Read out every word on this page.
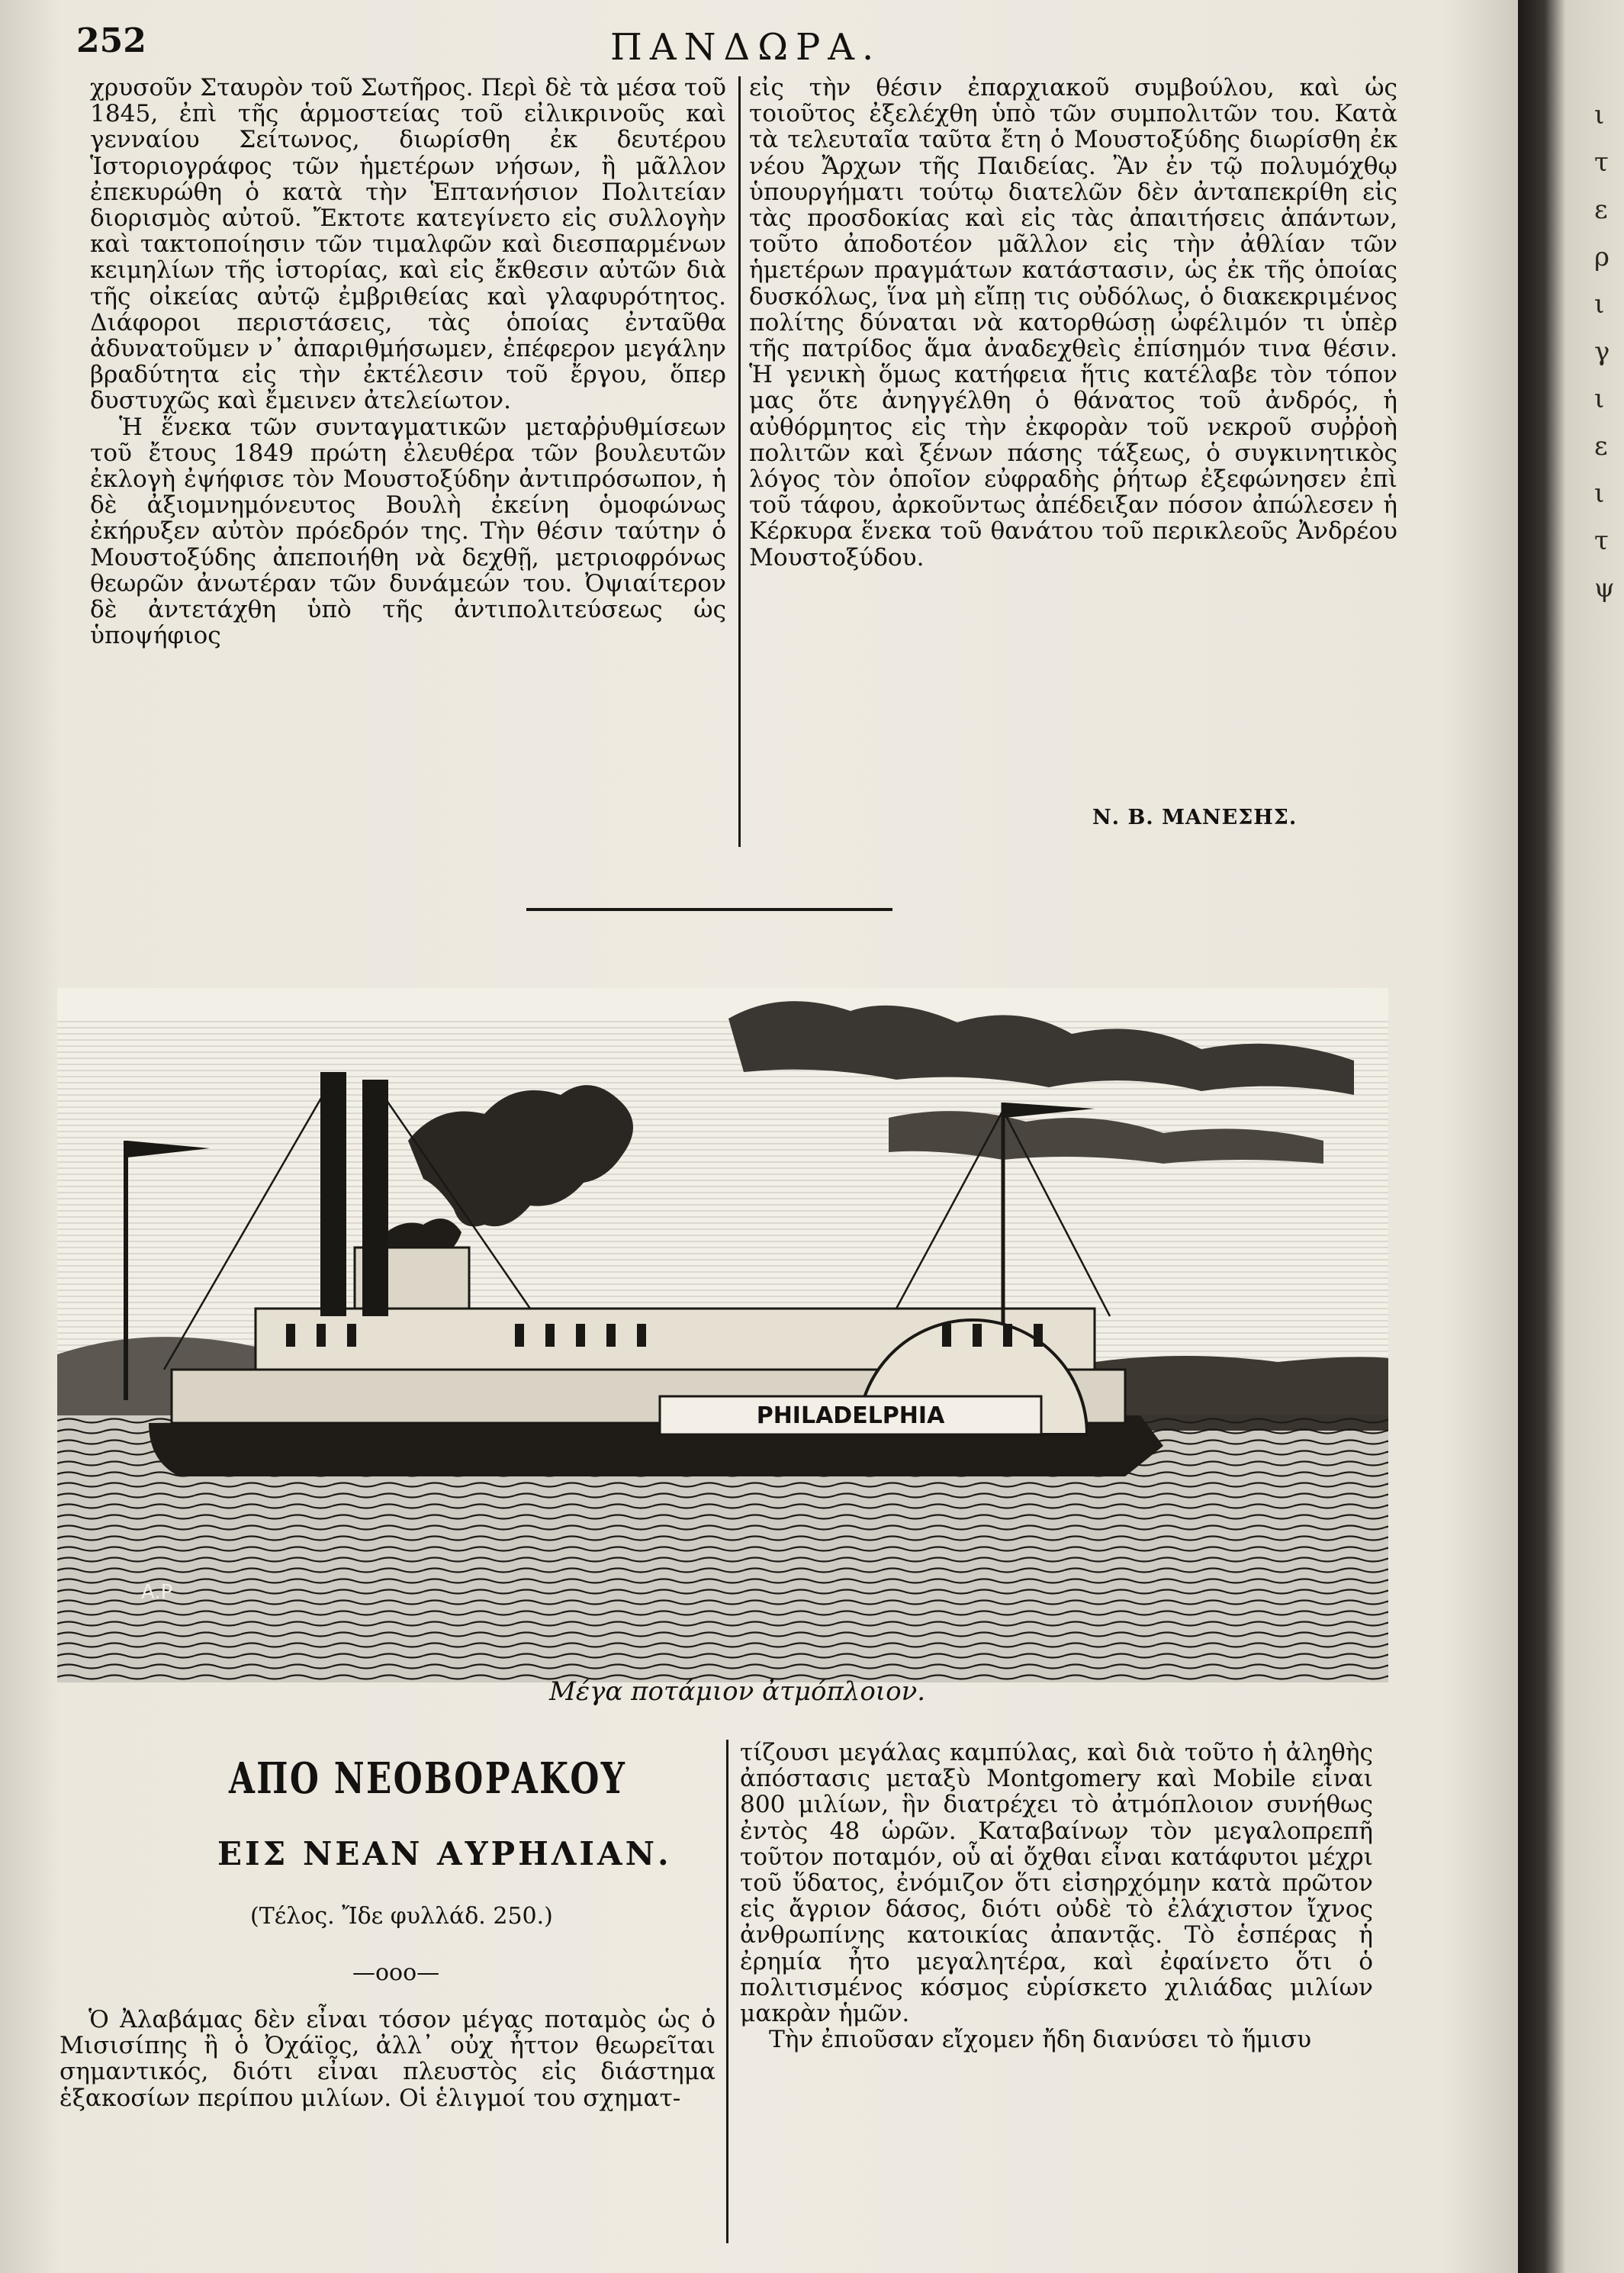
252	ΠΑΝΔΩΡΑ.

χρυσοῦν Σταυρὸν τοῦ Σωτῆρος. Περὶ δὲ τὰ μέσα τοῦ 1845, ἐπὶ τῆς ἁρμοστείας τοῦ εἰλικρινοῦς καὶ γενναίου Σείτωνος, διωρίσθη ἐκ δευτέρου Ἱστοριογράφος τῶν ἡμετέρων νήσων, ἢ μᾶλλον ἐπεκυρώθη ὁ κατὰ τὴν Ἑπτανήσιον Πολιτείαν διορισμὸς αὐτοῦ. Ἔκτοτε κατεγίνετο εἰς συλλογὴν καὶ τακτοποίησιν τῶν τιμαλφῶν καὶ διεσπαρμένων κειμηλίων τῆς ἱστορίας, καὶ εἰς ἔκθεσιν αὐτῶν διὰ τῆς οἰκείας αὐτῷ ἐμβριθείας καὶ γλαφυρότητος. Διάφοροι περιστάσεις, τὰς ὁποίας ἐνταῦθα ἀδυνατοῦμεν ν᾿ ἀπαριθμήσωμεν, ἐπέφερον μεγάλην βραδύτητα εἰς τὴν ἐκτέλεσιν τοῦ ἔργου, ὅπερ δυστυχῶς καὶ ἔμεινεν ἀτελείωτον.

Ἡ ἕνεκα τῶν συνταγματικῶν μεταῤῥυθμίσεων τοῦ ἔτους 1849 πρώτη ἐλευθέρα τῶν βουλευτῶν ἐκλογὴ ἐψήφισε τὸν Μουστοξύδην ἀντιπρόσωπον, ἡ δὲ ἀξιομνημόνευτος Βουλὴ ἐκείνη ὁμοφώνως ἐκήρυξεν αὐτὸν πρόεδρόν της. Τὴν θέσιν ταύτην ὁ Μουστοξύδης ἀπεποιήθη νὰ δεχθῇ, μετριοφρόνως θεωρῶν ἀνωτέραν τῶν δυνάμεών του. Ὀψιαίτερον δὲ ἀντετάχθη ὑπὸ τῆς ἀντιπολιτεύσεως ὡς ὑποψήφιος

εἰς τὴν θέσιν ἐπαρχιακοῦ συμβούλου, καὶ ὡς τοιοῦτος ἐξελέχθη ὑπὸ τῶν συμπολιτῶν του. Κατὰ τὰ τελευταῖα ταῦτα ἔτη ὁ Μουστοξύδης διωρίσθη ἐκ νέου Ἄρχων τῆς Παιδείας. Ἂν ἐν τῷ πολυμόχθῳ ὑπουργήματι τούτῳ διατελῶν δὲν ἀνταπεκρίθη εἰς τὰς προσδοκίας καὶ εἰς τὰς ἀπαιτήσεις ἁπάντων, τοῦτο ἀποδοτέον μᾶλλον εἰς τὴν ἀθλίαν τῶν ἡμετέρων πραγμάτων κατάστασιν, ὡς ἐκ τῆς ὁποίας δυσκόλως, ἵνα μὴ εἴπῃ τις οὐδόλως, ὁ διακεκριμένος πολίτης δύναται νὰ κατορθώσῃ ὠφέλιμόν τι ὑπὲρ τῆς πατρίδος ἅμα ἀναδεχθεὶς ἐπίσημόν τινα θέσιν. Ἡ γενικὴ ὅμως κατήφεια ἥτις κατέλαβε τὸν τόπον μας ὅτε ἀνηγγέλθη ὁ θάνατος τοῦ ἀνδρός, ἡ αὐθόρμητος εἰς τὴν ἐκφορὰν τοῦ νεκροῦ συῤῥοὴ πολιτῶν καὶ ξένων πάσης τάξεως, ὁ συγκινητικὸς λόγος τὸν ὁποῖον εὐφραδὴς ῥήτωρ ἐξεφώνησεν ἐπὶ τοῦ τάφου, ἀρκοῦντως ἀπέδειξαν πόσον ἀπώλεσεν ἡ Κέρκυρα ἕνεκα τοῦ θανάτου τοῦ περικλεοῦς Ἀνδρέου Μουστοξύδου.

Ν. Β. ΜΑΝΕΣΗΣ.
PHILADELPHIA
A.P
Μέγα ποτάμιον ἀτμόπλοιον.
ΑΠΟ ΝΕΟΒΟΡΑΚΟΥ
ΕΙΣ ΝΕΑΝ ΑΥΡΗΛΙΑΝ.
(Τέλος. Ἴδε φυλλάδ. 250.)
—οοο—

Ὁ Ἀλαβάμας δὲν εἶναι τόσον μέγας ποταμὸς ὡς ὁ Μισισίπης ἢ ὁ Ὀχάϊος, ἀλλ᾿ οὐχ ἧττον θεωρεῖται σημαντικός, διότι εἶναι πλευστὸς εἰς διάστημα ἑξακοσίων περίπου μιλίων. Οἱ ἑλιγμοί του σχηματ-

τίζουσι μεγάλας καμπύλας, καὶ διὰ τοῦτο ἡ ἀληθὴς ἀπόστασις μεταξὺ Montgomery καὶ Mobile εἶναι 800 μιλίων, ἣν διατρέχει τὸ ἀτμόπλοιον συνήθως ἐντὸς 48 ὡρῶν. Καταβαίνων τὸν μεγαλοπρεπῆ τοῦτον ποταμόν, οὗ αἱ ὄχθαι εἶναι κατάφυτοι μέχρι τοῦ ὕδατος, ἐνόμιζον ὅτι εἰσηρχόμην κατὰ πρῶτον εἰς ἄγριον δάσος, διότι οὐδὲ τὸ ἐλάχιστον ἴχνος ἀνθρωπίνης κατοικίας ἀπαντᾷς. Τὸ ἑσπέρας ἡ ἐρημία ἦτο μεγαλητέρα, καὶ ἐφαίνετο ὅτι ὁ πολιτισμένος κόσμος εὑρίσκετο χιλιάδας μιλίων μακρὰν ἡμῶν.

Τὴν ἐπιοῦσαν εἴχομεν ἤδη διανύσει τὸ ἥμισυ

ι τ ε ρ ι γ ι ε ι τ ψ
